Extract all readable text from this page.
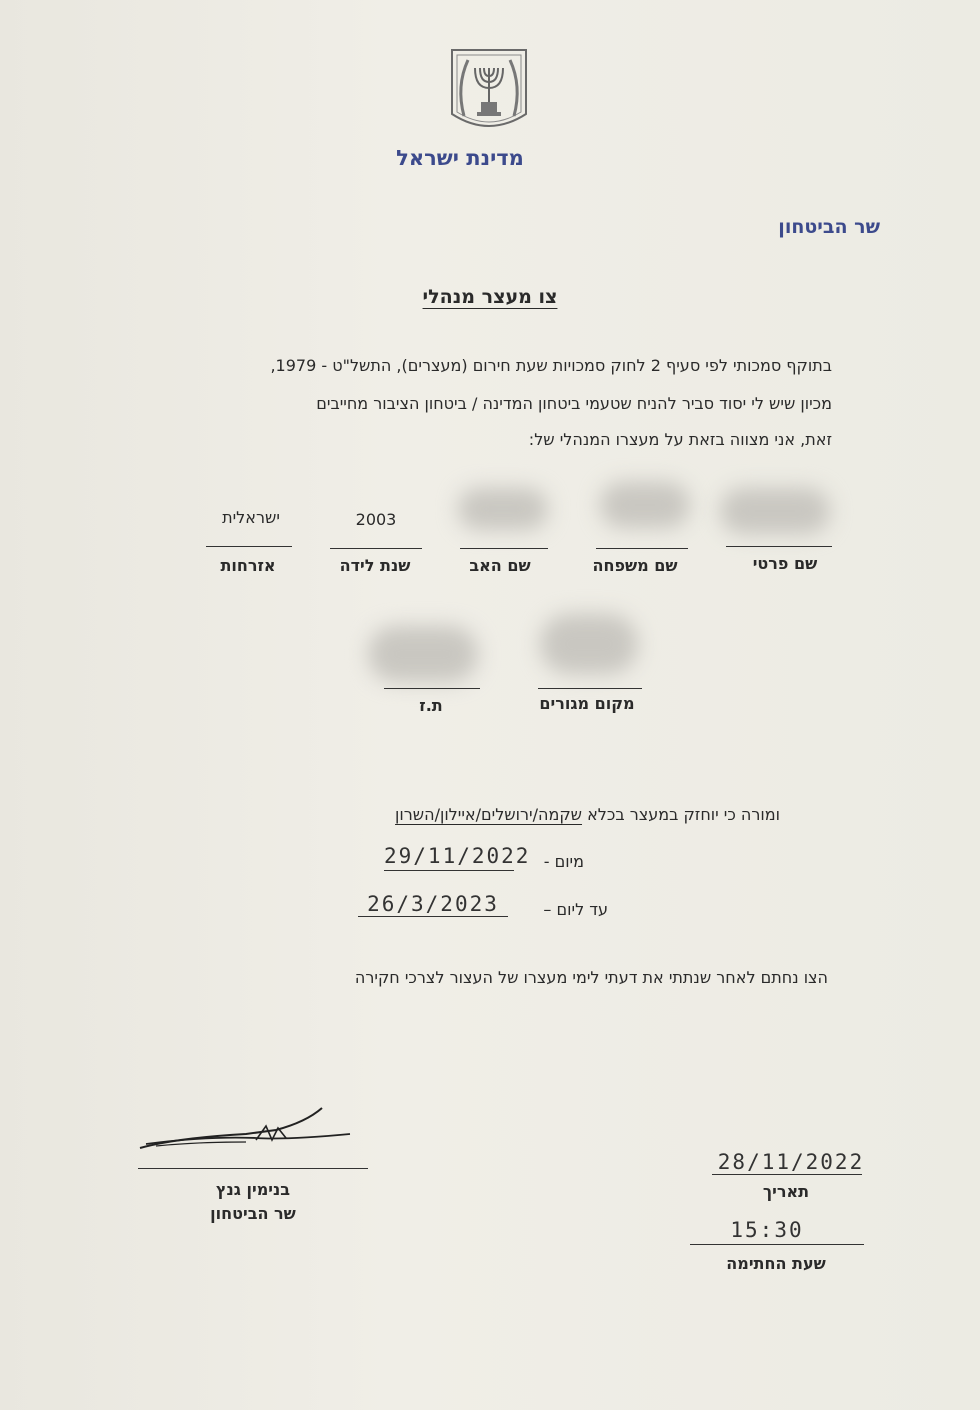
מדינת ישראל
שר הביטחון
צו מעצר מנהלי
בתוקף סמכותי לפי סעיף 2 לחוק סמכויות שעת חירום (מעצרים), התשל"ט - 1979,
מכיון שיש לי יסוד סביר להניח שטעמי ביטחון המדינה / ביטחון הציבור מחייבים
זאת, אני מצווה בזאת על מעצרו המנהלי של:
2003
ישראלית
שם פרטי
שם משפחה
שם האב
שנת לידה
אזרחות
מקום מגורים
ת.ז
ומורה כי יוחזק במעצר בכלא שקמה/ירושלים/איילון/השרון
מיום -
29/11/2022
עד ליום –
26/3/2023
הצו נחתם לאחר שנתתי את דעתי לימי מעצרו של העצור לצרכי חקירה
בנימין גנץ
שר הביטחון
28/11/2022
תאריך
15:30
שעת החתימה
